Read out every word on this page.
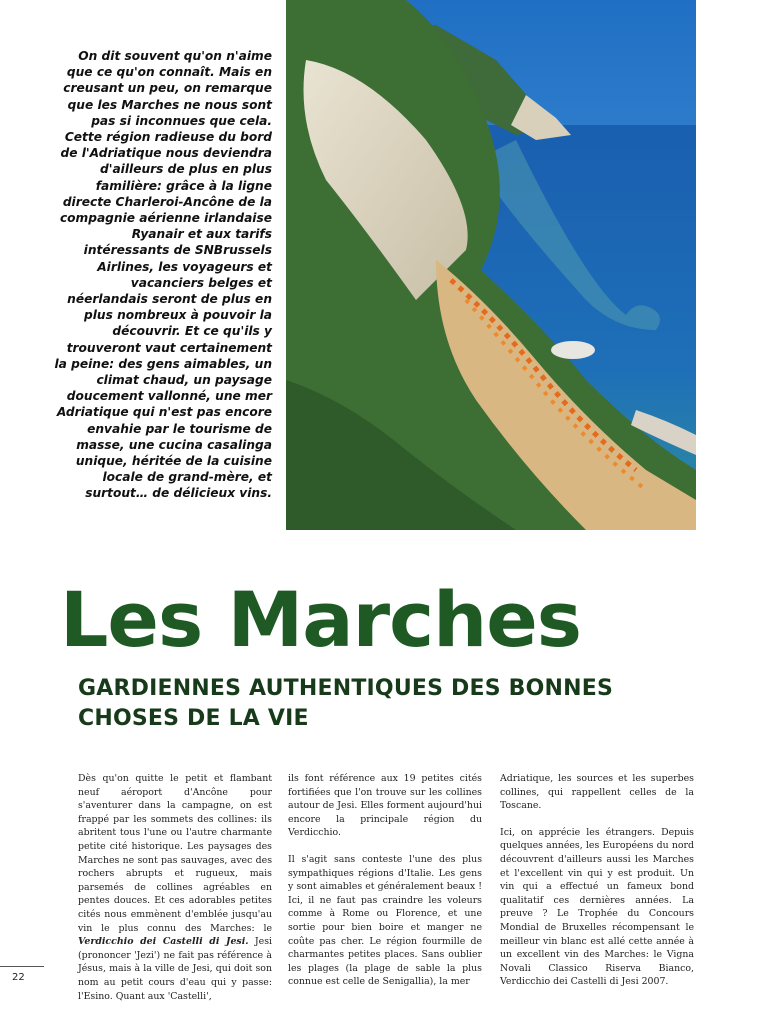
On dit souvent qu'on n'aime que ce qu'on connaît. Mais en creusant un peu, on remarque que les Marches ne nous sont pas si inconnues que cela. Cette région radieuse du bord de l'Adriatique nous deviendra d'ailleurs de plus en plus familière: grâce à la ligne directe Charleroi-Ancône de la compagnie aérienne irlandaise Ryanair et aux tarifs intéressants de SNBrussels Airlines, les voyageurs et vacanciers belges et néerlandais seront de plus en plus nombreux à pouvoir la découvrir. Et ce qu'ils y trouveront vaut certainement la peine: des gens aimables, un climat chaud, un paysage doucement vallonné, une mer Adriatique qui n'est pas encore envahie par le tourisme de masse, une cucina casalinga unique, héritée de la cuisine locale de grand-mère, et surtout… de délicieux vins.
Les Marches
GARDIENNES AUTHENTIQUES DES BONNES CHOSES DE LA VIE

Dès qu'on quitte le petit et flambant neuf aéroport d'Ancône pour s'aventurer dans la campagne, on est frappé par les sommets des collines: ils abritent tous l'une ou l'autre charmante petite cité historique. Les paysages des Marches ne sont pas sauvages, avec des rochers abrupts et rugueux, mais parsemés de collines agréables en pentes douces. Et ces adorables petites cités nous emmènent d'emblée jusqu'au vin le plus connu des Marches: le Verdicchio dei Castelli di Jesi. Jesi (prononcer 'Jezi') ne fait pas référence à Jésus, mais à la ville de Jesi, qui doit son nom au petit cours d'eau qui y passe: l'Esino. Quant aux 'Castelli',

ils font référence aux 19 petites cités fortifiées que l'on trouve sur les collines autour de Jesi. Elles forment aujourd'hui encore la principale région du Verdicchio.

Il s'agit sans conteste l'une des plus sympathiques régions d'Italie. Les gens y sont aimables et généralement beaux ! Ici, il ne faut pas craindre les voleurs comme à Rome ou Florence, et une sortie pour bien boire et manger ne coûte pas cher. Le région fourmille de charmantes petites places. Sans oublier les plages (la plage de sable la plus connue est celle de Senigallia), la mer

Adriatique, les sources et les superbes collines, qui rappellent celles de la Toscane.

Ici, on apprécie les étrangers. Depuis quelques années, les Européens du nord découvrent d'ailleurs aussi les Marches et l'excellent vin qui y est produit. Un vin qui a effectué un fameux bond qualitatif ces dernières années. La preuve ? Le Trophée du Concours Mondial de Bruxelles récompensant le meilleur vin blanc est allé cette année à un excellent vin des Marches: le Vigna Novali Classico Riserva Bianco, Verdicchio dei Castelli di Jesi 2007.

22
